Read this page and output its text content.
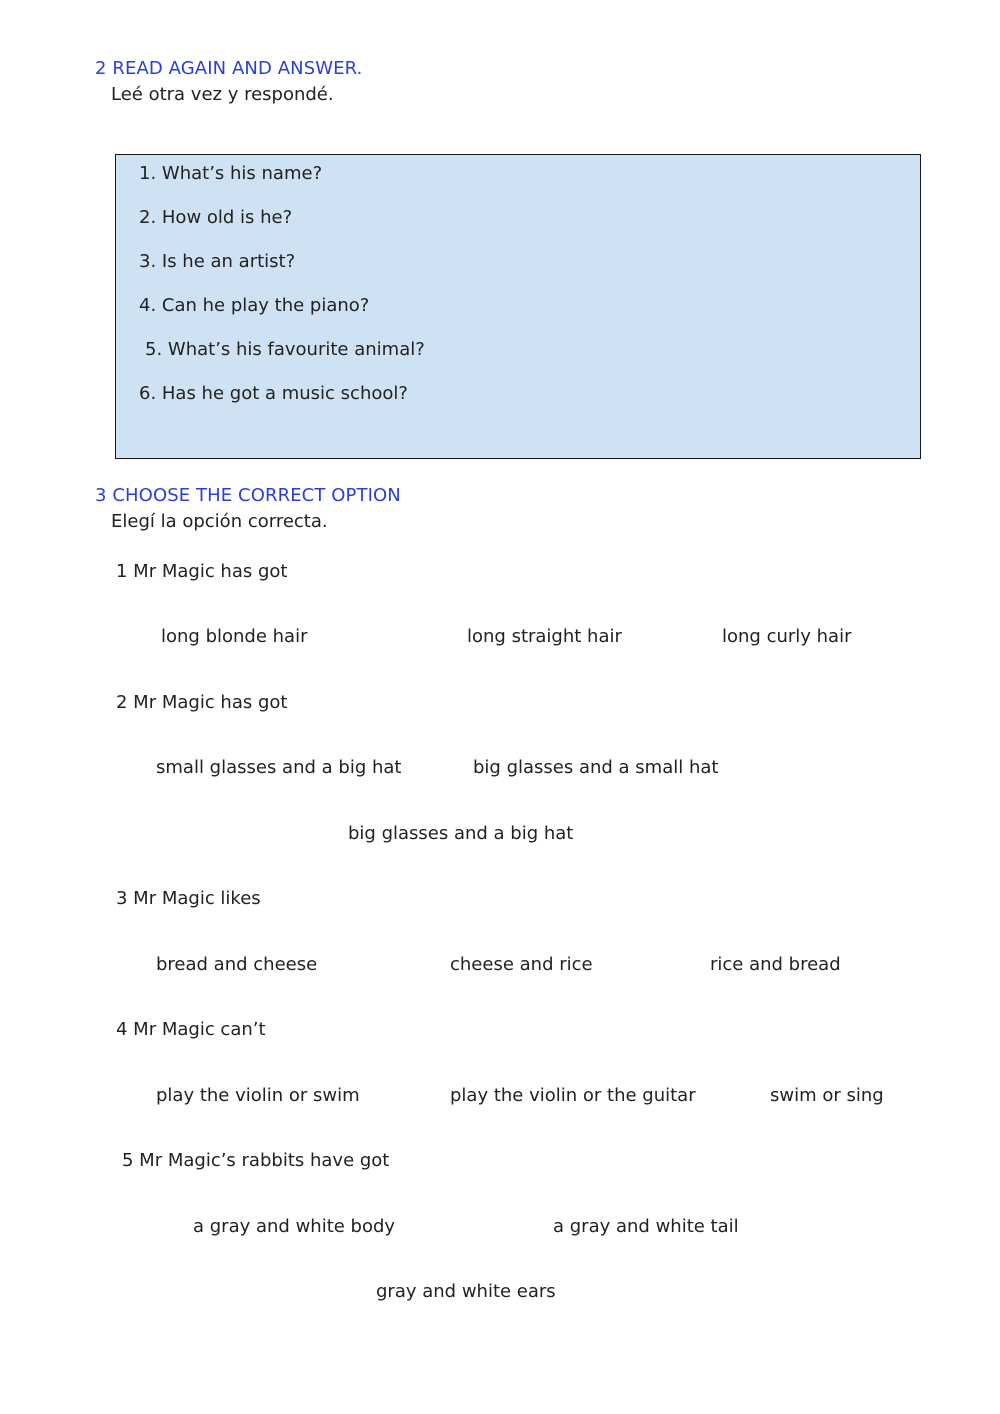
2 READ AGAIN AND ANSWER.
Leé otra vez y respondé.
1. What’s his name?
2. How old is he?
3. Is he an artist?
4. Can he play the piano?
5. What’s his favourite animal?
6. Has he got a music school?
3 CHOOSE THE CORRECT OPTION
Elegí la opción correcta.
1 Mr Magic has got
long blonde hair	long straight hair	long curly hair
2 Mr Magic has got
small glasses and a big hat	big glasses and a small hat
big glasses and a big hat
3 Mr Magic likes
bread and cheese	cheese and rice	rice and bread
4 Mr Magic can’t
play the violin or swim	play the violin or the guitar	swim or sing
5 Mr Magic’s rabbits have got
a gray and white body	a gray and white tail
gray and white ears
